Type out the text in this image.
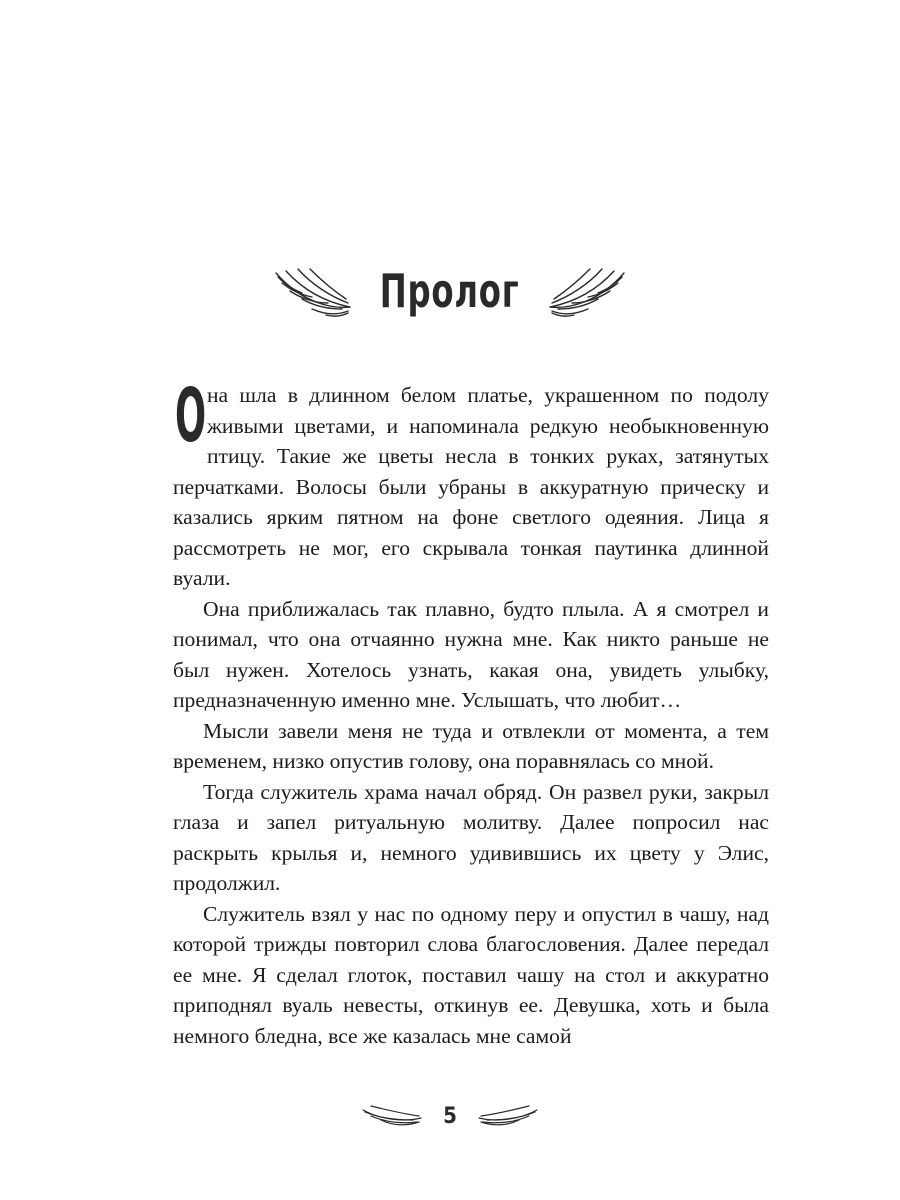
Пролог

Она шла в длинном белом платье, украшенном по подолу живыми цветами, и напоминала редкую необыкновенную птицу. Такие же цветы несла в тонких руках, затянутых перчатками. Волосы были убраны в аккуратную прическу и казались ярким пятном на фоне светлого одеяния. Лица я рассмотреть не мог, его скрывала тонкая паутинка длинной вуали.

Она приближалась так плавно, будто плыла. А я смотрел и понимал, что она отчаянно нужна мне. Как никто раньше не был нужен. Хотелось узнать, какая она, увидеть улыбку, предназначенную именно мне. Услышать, что любит…

Мысли завели меня не туда и отвлекли от момента, а тем временем, низко опустив голову, она поравнялась со мной.

Тогда служитель храма начал обряд. Он развел руки, закрыл глаза и запел ритуальную молитву. Далее попросил нас раскрыть крылья и, немного удивившись их цвету у Элис, продолжил.

Служитель взял у нас по одному перу и опустил в чашу, над которой трижды повторил слова благословения. Далее передал ее мне. Я сделал глоток, поставил чашу на стол и аккуратно приподнял вуаль невесты, откинув ее. Девушка, хоть и была немного бледна, все же казалась мне самой

5
